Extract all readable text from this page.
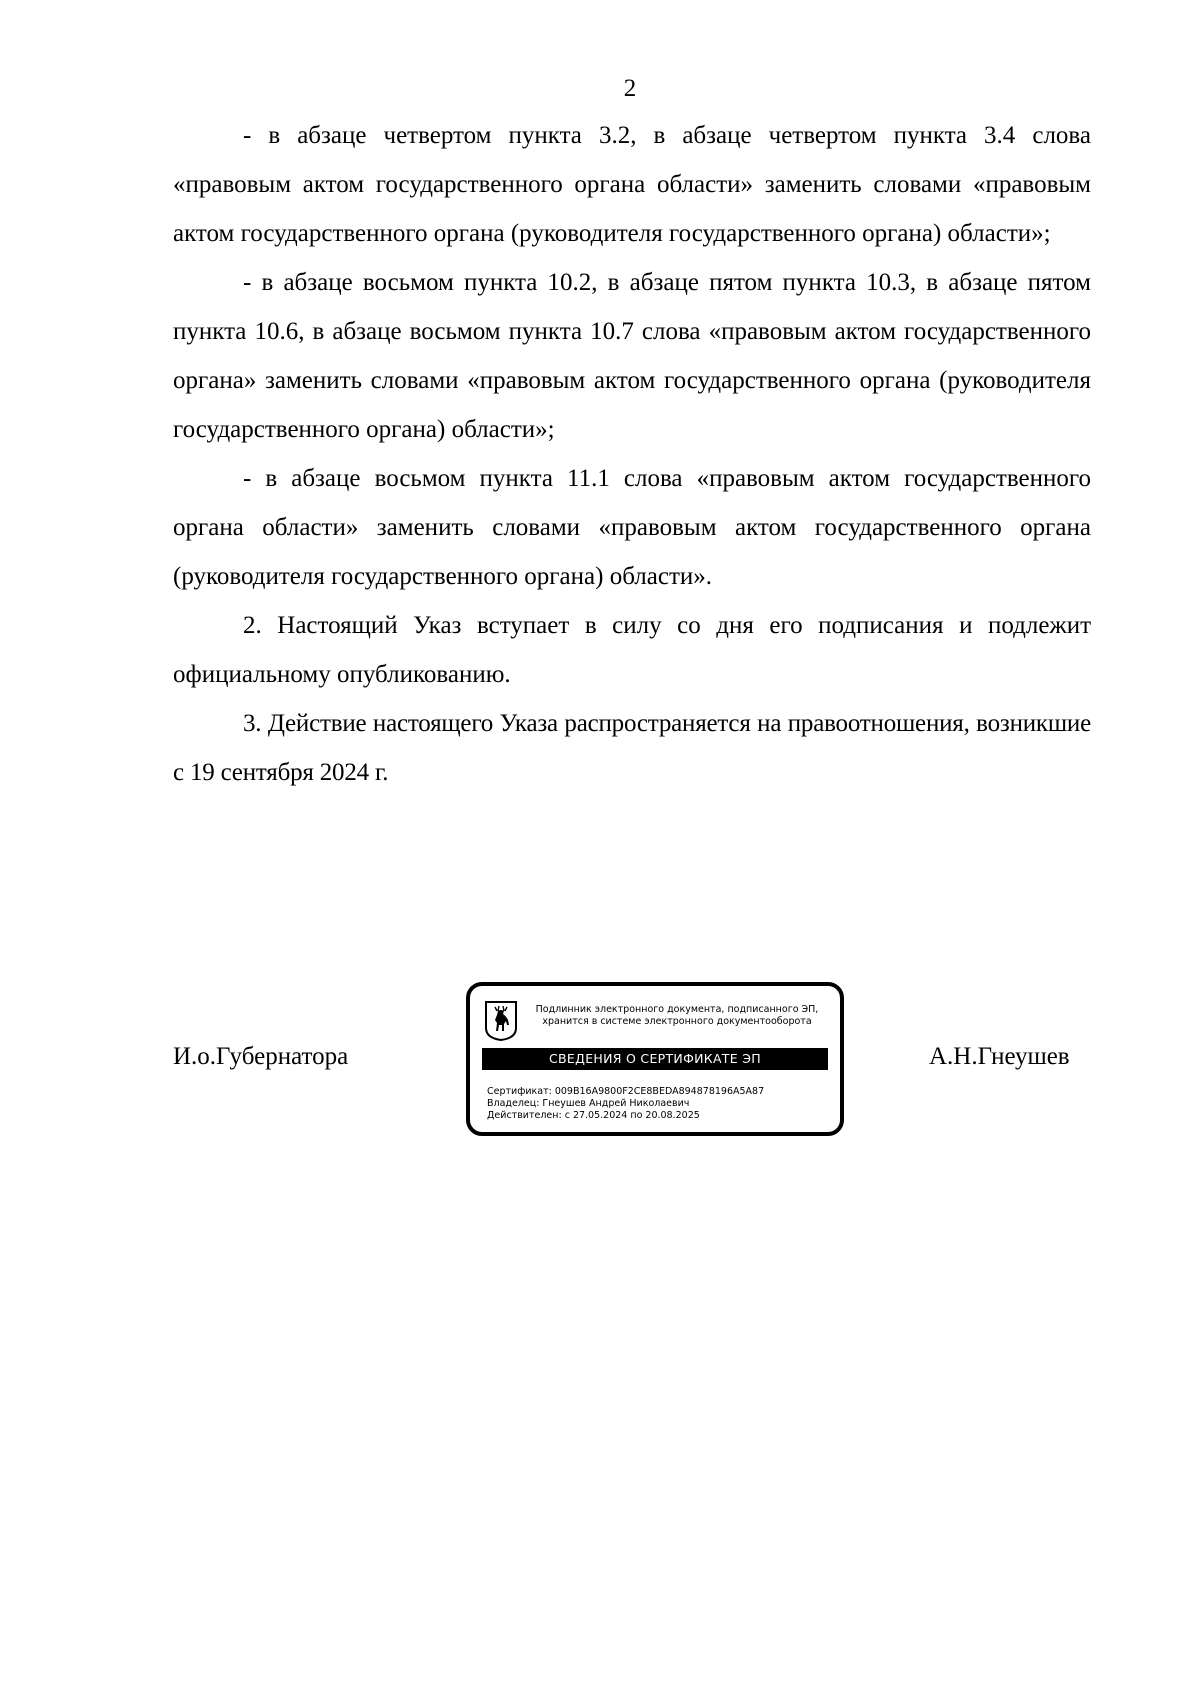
2

- в абзаце четвертом пункта 3.2, в абзаце четвертом пункта 3.4 слова «правовым актом государственного органа области» заменить словами «правовым актом государственного органа (руководителя государственного органа) области»;

- в абзаце восьмом пункта 10.2, в абзаце пятом пункта 10.3, в абзаце пятом пункта 10.6, в абзаце восьмом пункта 10.7 слова «правовым актом государственного органа» заменить словами «правовым актом государственного органа (руководителя государственного органа) области»;

- в абзаце восьмом пункта 11.1 слова «правовым актом государственного органа области» заменить словами «правовым актом государственного органа (руководителя государственного органа) области».

2. Настоящий Указ вступает в силу со дня его подписания и подлежит официальному опубликованию.

3. Действие настоящего Указа распространяется на правоотношения, возникшие с 19 сентября 2024 г.

И.о.Губернатора
Подлинник электронного документа, подписанного ЭП,
хранится в системе электронного документооборота
СВЕДЕНИЯ О СЕРТИФИКАТЕ ЭП
Сертификат: 009B16A9800F2CE8BEDA894878196A5A87
Владелец: Гнеушев Андрей Николаевич
Действителен: с 27.05.2024 по 20.08.2025
А.Н.Гнеушев
